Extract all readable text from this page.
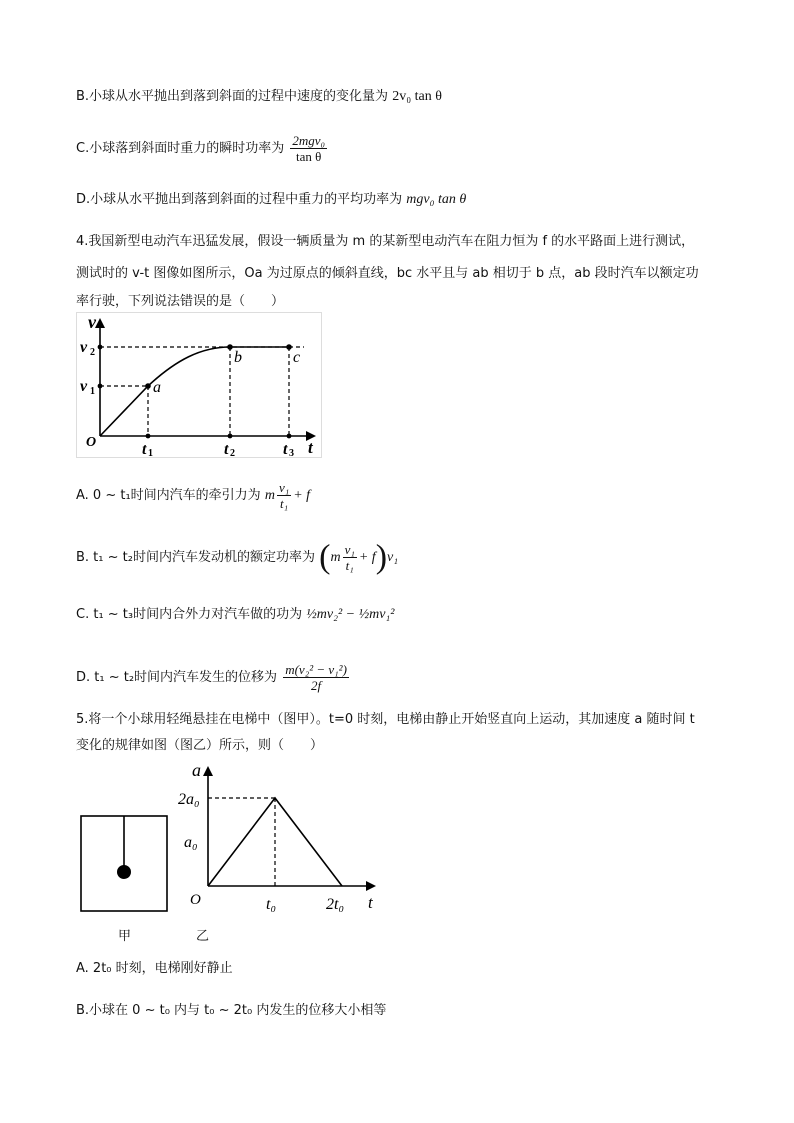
B.小球从水平抛出到落到斜面的过程中速度的变化量为 2v₀ tan θ
C.小球落到斜面时重力的瞬时功率为 $\frac{\text{2mgv₀}}{\text{tan θ}}$
D.小球从水平抛出到落到斜面的过程中重力的平均功率为 mgv₀ tan θ
4.我国新型电动汽车迅猛发展，假设一辆质量为 m 的某新型电动汽车在阻力恒为 f 的水平路面上进行测试，
测试时的 v-t 图像如图所示，Oa 为过原点的倾斜直线，bc 水平且与 ab 相切于 b 点，ab 段时汽车以额定功
率行驶，下列说法错误的是（　　）
v
t
O
v 2
v 1
t 1	t 2	t 3
a
b	c
A. 0 ~ t₁时间内汽车的牵引力为 m $\frac{\text{v₁}}{\text{t₁}} + f$
B. t₁ ~ t₂时间内汽车发动机的额定功率为 $(m \frac{\text{v₁}}{\text{t₁}} + f)v_1$
C. t₁ ~ t₃时间内合外力对汽车做的功为 ½mv₂² − ½mv₁²
D. t₁ ~ t₂时间内汽车发生的位移为 $\frac{\text{m(v₂² − v₁²)}}{2f}$
5.将一个小球用轻绳悬挂在电梯中（图甲）。t=0 时刻，电梯由静止开始竖直向上运动，其加速度 a 随时间 t
变化的规律如图（图乙）所示，则（　　）
a
t
O
2a₀
a₀
t₀	2t₀
甲	乙
A. 2t₀ 时刻，电梯刚好静止
B.小球在 0 ~ t₀ 内与 t₀ ~ 2t₀ 内发生的位移大小相等
